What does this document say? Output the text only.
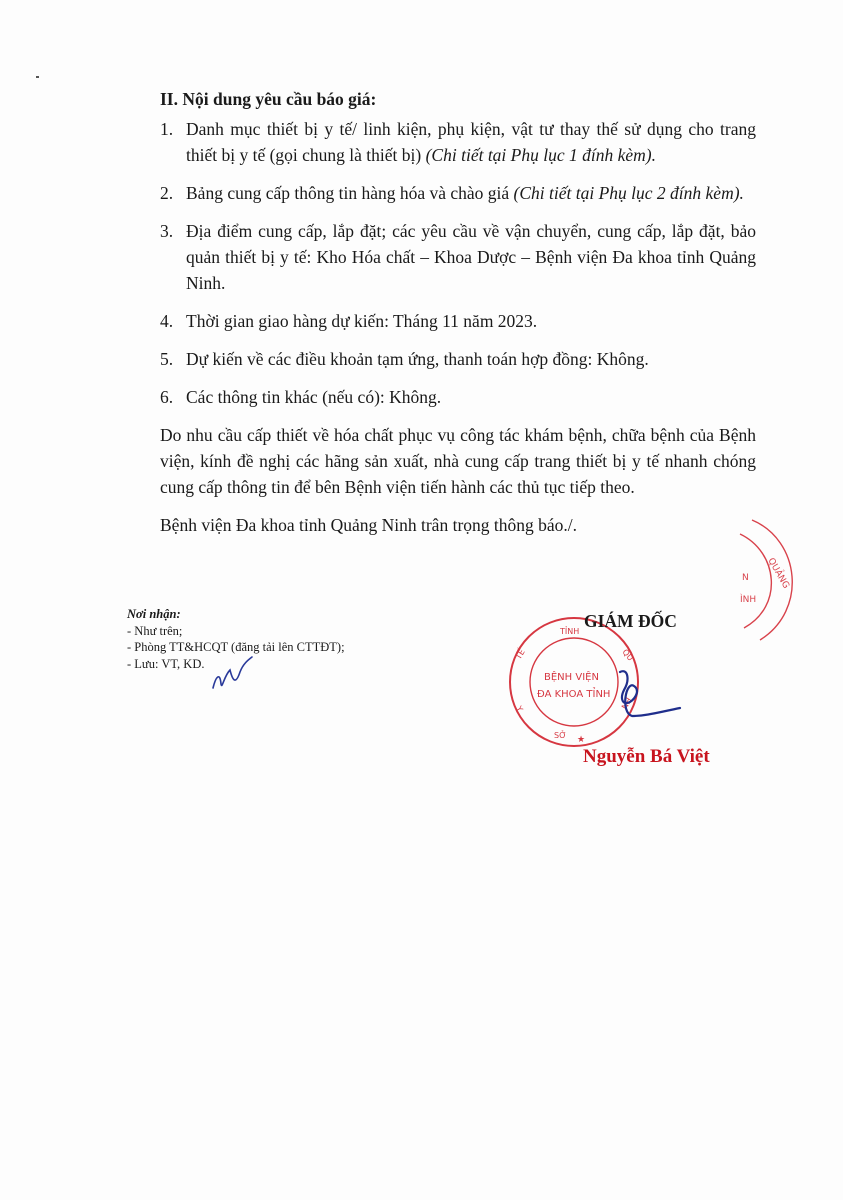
II. Nội dung yêu cầu báo giá:
1. Danh mục thiết bị y tế/ linh kiện, phụ kiện, vật tư thay thế sử dụng cho trang thiết bị y tế (gọi chung là thiết bị) (Chi tiết tại Phụ lục 1 đính kèm).
2. Bảng cung cấp thông tin hàng hóa và chào giá (Chi tiết tại Phụ lục 2 đính kèm).
3. Địa điểm cung cấp, lắp đặt; các yêu cầu về vận chuyển, cung cấp, lắp đặt, bảo quản thiết bị y tế: Kho Hóa chất – Khoa Dược – Bệnh viện Đa khoa tỉnh Quảng Ninh.
4. Thời gian giao hàng dự kiến: Tháng 11 năm 2023.
5. Dự kiến về các điều khoản tạm ứng, thanh toán hợp đồng: Không.
6. Các thông tin khác (nếu có): Không.

Do nhu cầu cấp thiết về hóa chất phục vụ công tác khám bệnh, chữa bệnh của Bệnh viện, kính đề nghị các hãng sản xuất, nhà cung cấp trang thiết bị y tế nhanh chóng cung cấp thông tin để bên Bệnh viện tiến hành các thủ tục tiếp theo.

Bệnh viện Đa khoa tỉnh Quảng Ninh trân trọng thông báo./.

Nơi nhận:
- Như trên;
- Phòng TT&HCQT (đăng tải lên CTTĐT);
- Lưu: VT, KD.
QUẢNG
N
ÌNH
TỈNH
TẾ
Y
SỞ ★
QU
NH
BỆNH VIỆN
ĐA KHOA TỈNH
GIÁM ĐỐC
Nguyễn Bá Việt
